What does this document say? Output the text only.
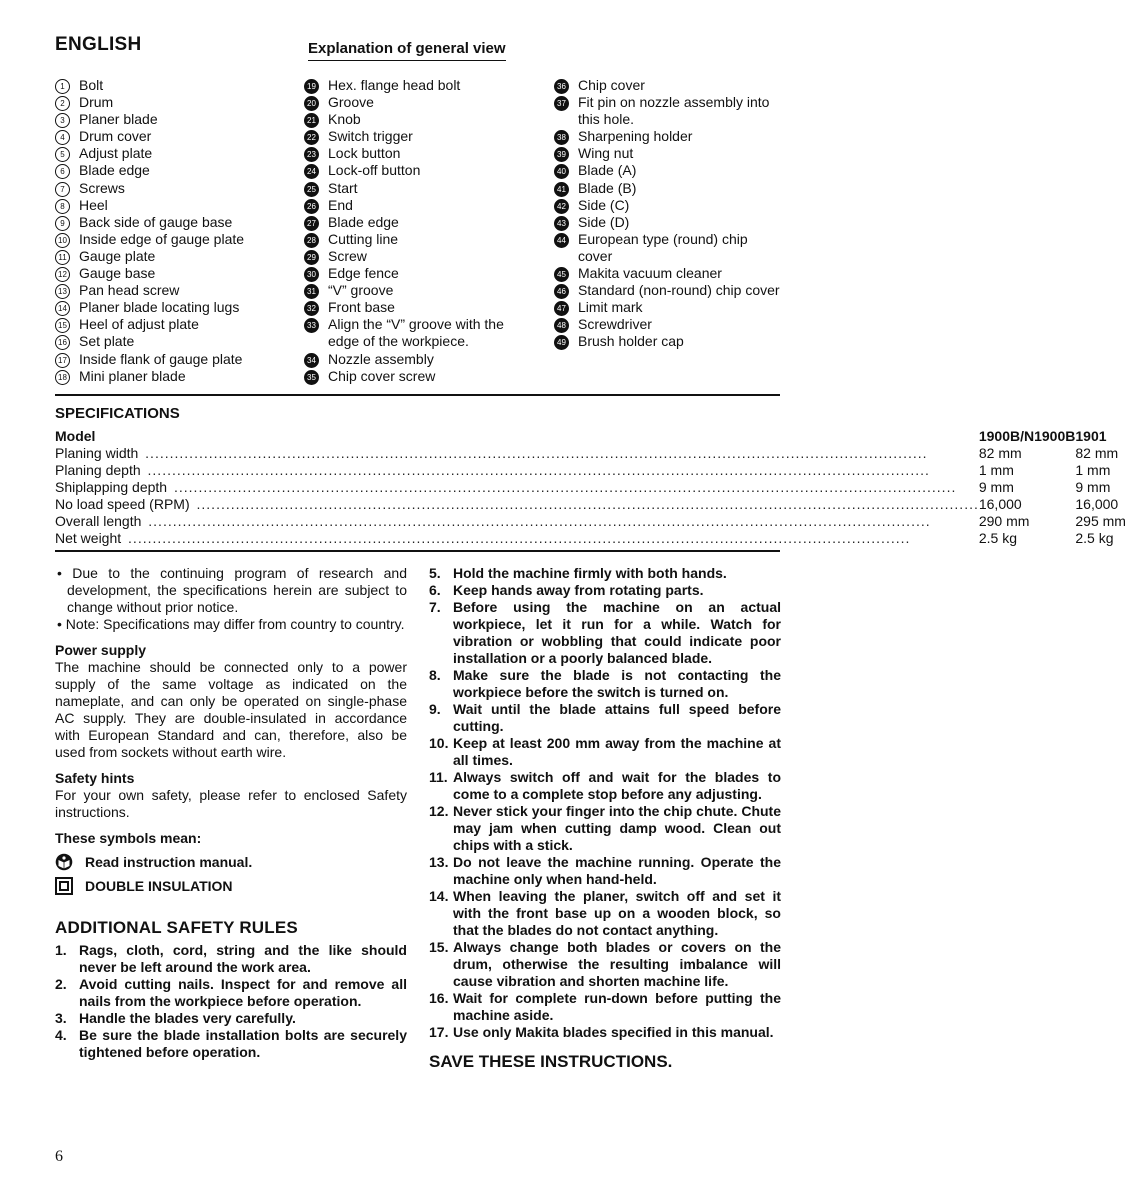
ENGLISH	Explanation of general view
1	Bolt
2	Drum
3	Planer blade
4	Drum cover
5	Adjust plate
6	Blade edge
7	Screws
8	Heel
9	Back side of gauge base
10 Inside edge of gauge plate
11 Gauge plate
12 Gauge base
13 Pan head screw
14 Planer blade locating lugs
15 Heel of adjust plate
16 Set plate
17 Inside flank of gauge plate
18 Mini planer blade
19 Hex. flange head bolt
20 Groove
21 Knob
22 Switch trigger
23 Lock button
24 Lock-off button
25 Start
26 End
27 Blade edge
28 Cutting line
29 Screw
30 Edge fence
31 “V” groove
32 Front base
33 Align the “V” groove with the edge of the workpiece.
34 Nozzle assembly
35 Chip cover screw
36 Chip cover
37 Fit pin on nozzle assembly into this hole.
38 Sharpening holder
39 Wing nut
40 Blade (A)
41 Blade (B)
42 Side (C)
43 Side (D)
44 European type (round) chip cover
45 Makita vacuum cleaner
46 Standard (non-round) chip cover
47 Limit mark
48 Screwdriver
49 Brush holder cap
SPECIFICATIONS
Model	1900B/N1900B	1901
Planing width ................................................................................................................................................................	82 mm	82 mm
Planing depth ................................................................................................................................................................	1 mm	1 mm
Shiplapping depth ................................................................................................................................................................	9 mm	9 mm
No load speed (RPM) ................................................................................................................................................................	16,000	16,000
Overall length ................................................................................................................................................................	290 mm	295 mm
Net weight ................................................................................................................................................................	2.5 kg	2.5 kg

• Due to the continuing program of research and development, the specifications herein are subject to change without prior notice.

• Note: Specifications may differ from country to country.

Power supply

The machine should be connected only to a power supply of the same voltage as indicated on the nameplate, and can only be operated on single-phase AC supply. They are double-insulated in accordance with European Standard and can, therefore, also be used from sockets without earth wire.

Safety hints

For your own safety, please refer to enclosed Safety instructions.

These symbols mean:
Read instruction manual.
DOUBLE INSULATION
ADDITIONAL SAFETY RULES
1. Rags, cloth, cord, string and the like should never be left around the work area.
2. Avoid cutting nails. Inspect for and remove all nails from the workpiece before operation.
3. Handle the blades very carefully.
4. Be sure the blade installation bolts are securely tightened before operation.
5. Hold the machine firmly with both hands.
6. Keep hands away from rotating parts.
7. Before using the machine on an actual workpiece, let it run for a while. Watch for vibration or wobbling that could indicate poor installation or a poorly balanced blade.
8. Make sure the blade is not contacting the workpiece before the switch is turned on.
9. Wait until the blade attains full speed before cutting.
10. Keep at least 200 mm away from the machine at all times.
11. Always switch off and wait for the blades to come to a complete stop before any adjusting.
12. Never stick your finger into the chip chute. Chute may jam when cutting damp wood. Clean out chips with a stick.
13. Do not leave the machine running. Operate the machine only when hand-held.
14. When leaving the planer, switch off and set it with the front base up on a wooden block, so that the blades do not contact anything.
15. Always change both blades or covers on the drum, otherwise the resulting imbalance will cause vibration and shorten machine life.
16. Wait for complete run-down before putting the machine aside.
17. Use only Makita blades specified in this manual.
SAVE THESE INSTRUCTIONS.
6
